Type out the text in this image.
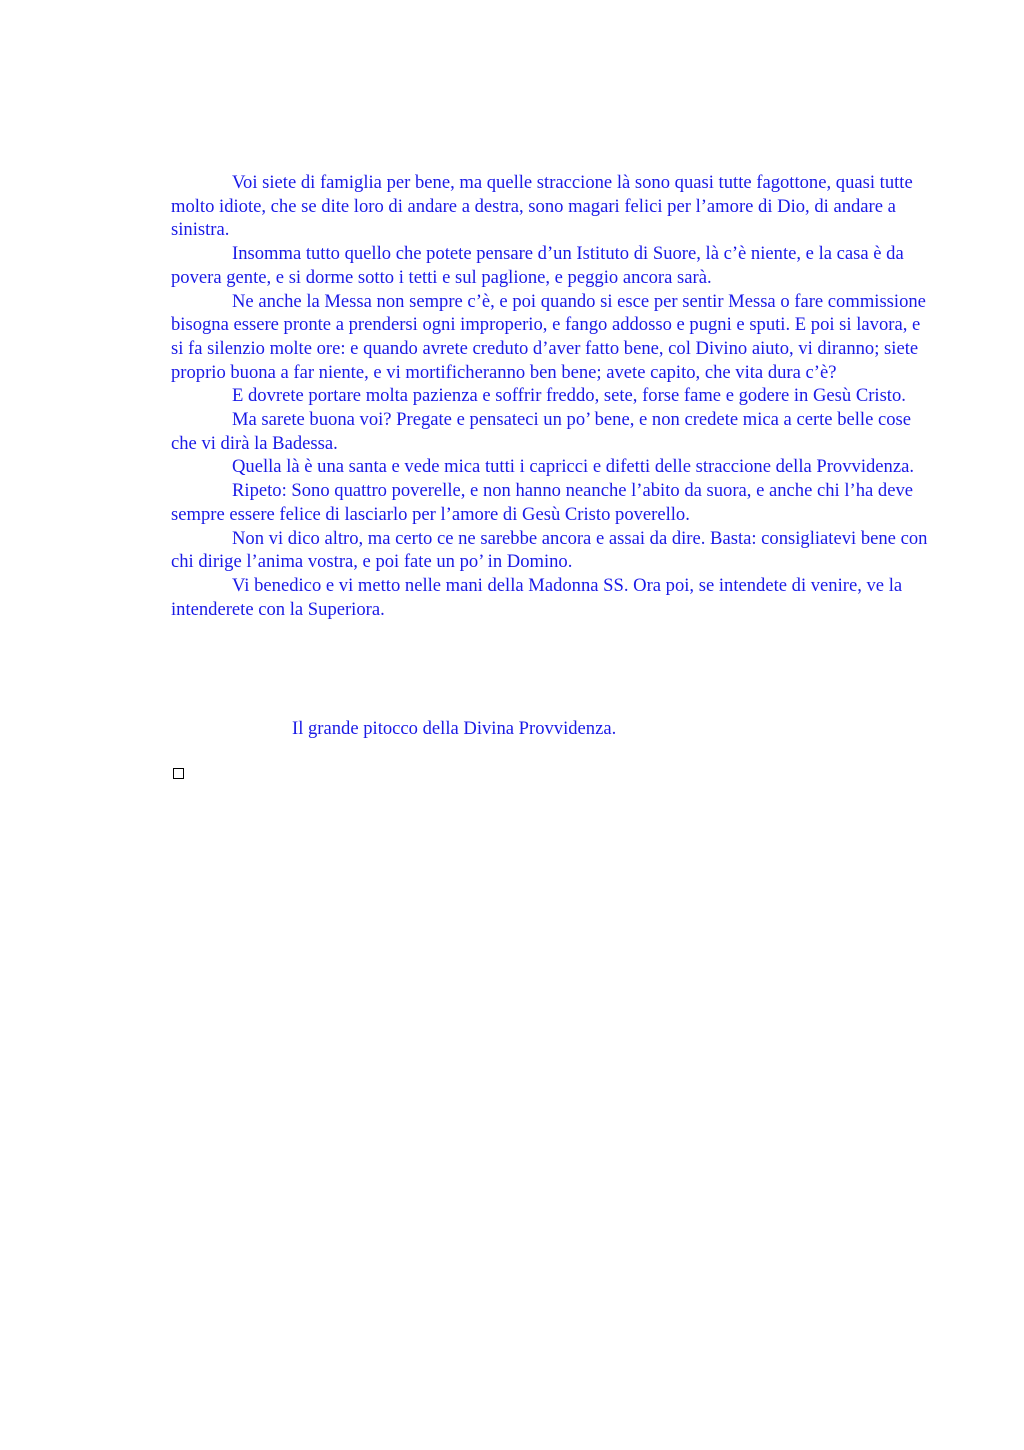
Voi siete di famiglia per bene, ma quelle straccione là sono quasi tutte fagottone, quasi tutte molto idiote, che se dite loro di andare a destra, sono magari felici per l’amore di Dio, di andare a sinistra.

Insomma tutto quello che potete pensare d’un Istituto di Suore, là c’è niente, e la casa è da povera gente, e si dorme sotto i tetti e sul paglione, e peggio ancora sarà.

Ne anche la Messa non sempre c’è, e poi quando si esce per sentir Messa o fare commissione bisogna essere pronte a prendersi ogni improperio, e fango addosso e pugni e sputi. E poi si lavora, e si fa silenzio molte ore: e quando avrete creduto d’aver fatto bene, col Divino aiuto, vi diranno; siete proprio buona a far niente, e vi mortificheranno ben bene; avete capito, che vita dura c’è?

E dovrete portare molta pazienza e soffrir freddo, sete, forse fame e godere in Gesù Cristo.

Ma sarete buona voi? Pregate e pensateci un po’ bene, e non credete mica a certe belle cose che vi dirà la Badessa.

Quella là è una santa e vede mica tutti i capricci e difetti delle straccione della Provvidenza.

Ripeto: Sono quattro poverelle, e non hanno neanche l’abito da suora, e anche chi l’ha deve sempre essere felice di lasciarlo per l’amore di Gesù Cristo poverello.

Non vi dico altro, ma certo ce ne sarebbe ancora e assai da dire. Basta: consigliatevi bene con chi dirige l’anima vostra, e poi fate un po’ in Domino.

Vi benedico e vi metto nelle mani della Madonna SS. Ora poi, se intendete di venire, ve la intenderete con la Superiora.

Il grande pitocco della Divina Provvidenza.
